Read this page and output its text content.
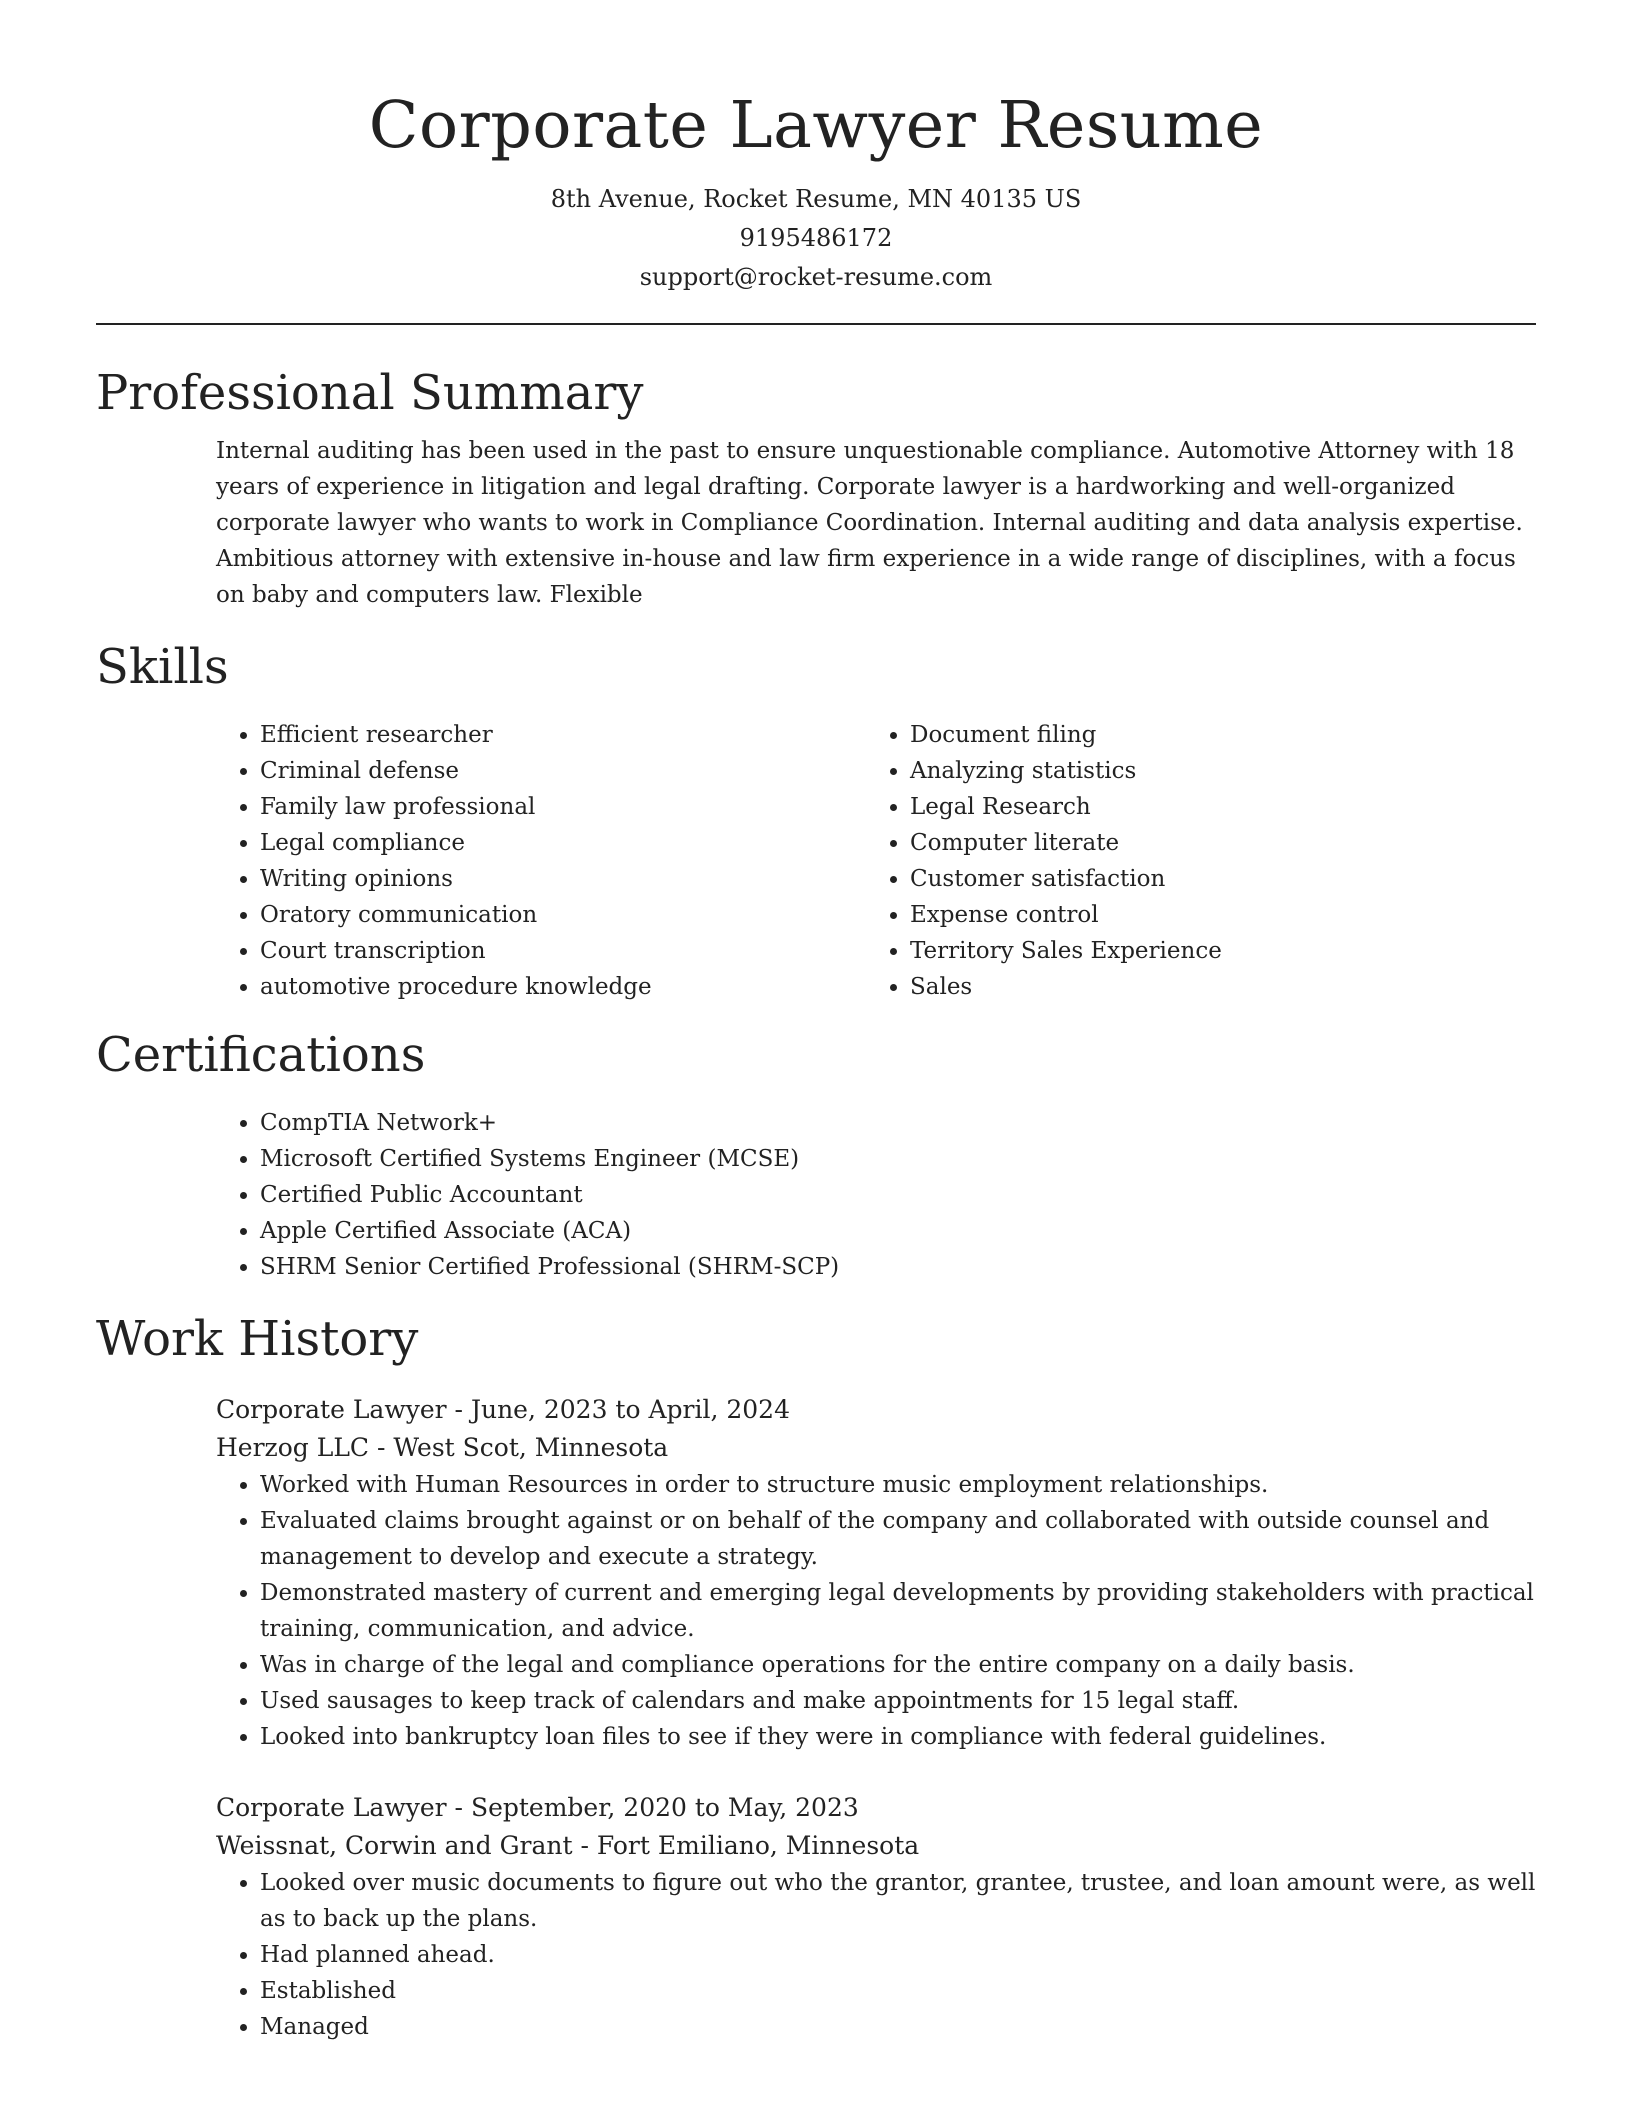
Corporate Lawyer Resume
8th Avenue, Rocket Resume, MN 40135 US
9195486172
support@rocket-resume.com
Professional Summary
Internal auditing has been used in the past to ensure unquestionable compliance. Automotive Attorney with 18 years of experience in litigation and legal drafting. Corporate lawyer is a hardworking and well-organized corporate lawyer who wants to work in Compliance Coordination. Internal auditing and data analysis expertise. Ambitious attorney with extensive in-house and law firm experience in a wide range of disciplines, with a focus on baby and computers law. Flexible
Skills
• Efficient researcher
• Criminal defense
• Family law professional
• Legal compliance
• Writing opinions
• Oratory communication
• Court transcription
• automotive procedure knowledge
• Document filing
• Analyzing statistics
• Legal Research
• Computer literate
• Customer satisfaction
• Expense control
• Territory Sales Experience
• Sales
Certifications
• CompTIA Network+
• Microsoft Certified Systems Engineer (MCSE)
• Certified Public Accountant
• Apple Certified Associate (ACA)
• SHRM Senior Certified Professional (SHRM-SCP)
Work History
Corporate Lawyer - June, 2023 to April, 2024
Herzog LLC - West Scot, Minnesota
• Worked with Human Resources in order to structure music employment relationships.
• Evaluated claims brought against or on behalf of the company and collaborated with outside counsel and management to develop and execute a strategy.
• Demonstrated mastery of current and emerging legal developments by providing stakeholders with practical training, communication, and advice.
• Was in charge of the legal and compliance operations for the entire company on a daily basis.
• Used sausages to keep track of calendars and make appointments for 15 legal staff.
• Looked into bankruptcy loan files to see if they were in compliance with federal guidelines.
Corporate Lawyer - September, 2020 to May, 2023
Weissnat, Corwin and Grant - Fort Emiliano, Minnesota
• Looked over music documents to figure out who the grantor, grantee, trustee, and loan amount were, as well as to back up the plans.
• Had planned ahead.
• Established
• Managed
